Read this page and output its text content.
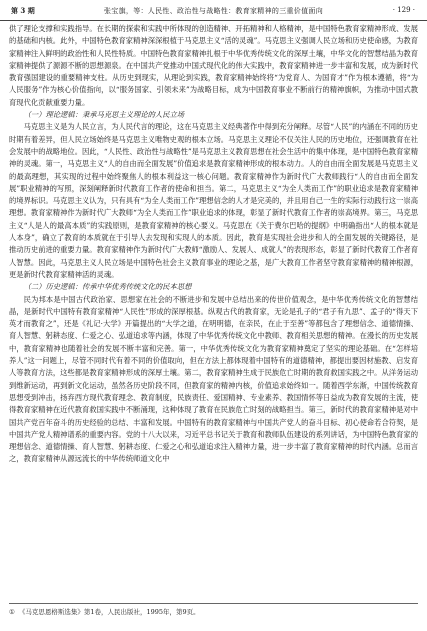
第 3 期	张宝旗，等：人民性、政治性与战略性：教育家精神的三重价值面向	· 129 ·

供了理论支撑和实践指导。在长期的探索和实践中所体现的创造精神、开拓精神和人格精神，是中国特色教育家精神形成、发展的基础和内核。此外，中国特色教育家精神深深根植于马克思主义“活的灵魂”。马克思主义强调人民立场和历史使命感，为教育家精神注入鲜明的政治性和人民性特质。中国特色教育家精神扎根于中华优秀传统文化的深厚土壤，中华文化的智慧结晶为教育家精神提供了源源不断的思想源泉。在中国共产党推动中国式现代化的伟大实践中，教育家精神进一步丰富和发展，成为新时代教育强国建设的重要精神支柱。从历史到现实，从理论到实践，教育家精神始终将“为党育人、为国育才”作为根本遵循，将“为人民服务”作为核心价值指向，以“服务国家、引领未来”为战略目标，成为中国教育事业不断前行的精神旗帜，为推动中国式教育现代化贡献重要力量。

（一）理论逻辑：秉承马克思主义理论的人民立场

马克思主义是为人民立言，为人民代言的理论，这在马克思主义经典著作中得到充分阐释。尽管“人民”的内涵在不同的历史时期有着差异，但人民立场始终是马克思主义唯物史观的根本立场。马克思主义理论不仅关注人民的历史地位，还强调教育在社会发展中的战略地位。因此，“人民性、政治性与战略性”是马克思主义教育思想在社会生活中的集中体现，是中国特色教育家精神的灵魂。第一，马克思主义“人的自由而全面发展”价值追求是教育家精神形成的根本动力。人的自由而全面发展是马克思主义的最高理想，其实现的过程中始终聚焦人的根本利益这一核心问题。教育家精神作为新时代广大教师践行“人的自由而全面发展”职业精神的写照，深刻阐释新时代教育工作者的使命和担当。第二，马克思主义“为全人类而工作”的职业追求是教育家精神的境界标识。马克思主义认为，只有具有“为全人类而工作”理想信念的人才是完美的，并且用自己一生的实际行动践行这一崇高理想。教育家精神作为新时代广大教师“为全人类而工作”职业追求的体现，彰显了新时代教育工作者的崇高境界。第三，马克思主义“人是人的最高本质”的实践原则，是教育家精神的核心要义。马克思在《关于费尔巴哈的提纲》中明确指出“人的根本就是人本身”，确立了教育的本质就在于引导人去发现和实现人的本质。因此，教育是实现社会进步和人的全面发展的关键路径，是推动历史前进的重要力量。教育家精神作为新时代广大教师“激励人、发展人、成就人”的表现形态，彰显了新时代教育工作者育人智慧。因此，马克思主义人民立场是中国特色社会主义教育事业的理论之基，是广大教育工作者坚守教育家精神的精神根源，更是新时代教育家精神活的灵魂。

（二）历史逻辑：传承中华优秀传统文化的民本思想

民为邦本是中国古代政治家、思想家在社会的不断进步和发展中总结出来的传世价值观念，是中华优秀传统文化的智慧结晶，是新时代中国特有教育家精神“人民性”形成的深厚根基。纵观古代的教育家，无论是孔子的“君子有九思”、孟子的“得天下英才而教育之”，还是《礼记·大学》开篇提出的“大学之道，在明明德，在亲民，在止于至善”等都包含了理想信念、道德情操、育人智慧、躬耕态度、仁爱之心、弘道追求等内涵，体现了中华优秀传统文化中教师、教育相关思想的精神。在漫长的历史发展中，教育家精神也随着社会的发展不断丰富和完善。第一，中华优秀传统文化为教育家精神奠定了坚实的理论基础。在“怎样培养人”这一问题上，尽管不同时代有着不同的价值取向，但在方法上都体现着中国特有的道德精神，都提出要因材施教、启发育人等教育方法，这些都是教育家精神形成的深厚土壤。第二，教育家精神生成于民族危亡时期的教育救国实践之中。从洋务运动到维新运动，再到新文化运动，虽然各历史阶段不同，但教育家的精神内核，价值追求始终如一。随着西学东渐，中国传统教育思想受到冲击，扬弃西方现代教育理念、教育制度，民族责任、爱国精神、专业素养、教国情怀等日益成为教育发展的主流，使得教育家精神在近代教育救国实践中不断涌现，这种体现了教育在民族危亡时刻的战略担当。第三，新时代的教育家精神是对中国共产党百年奋斗的历史经验的总结、丰富和发展。中国特有的教育家精神与中国共产党人的奋斗目标、初心使命若合符契，是中国共产党人精神谱系的重要内容。党的十八大以来，习近平总书记关于教育和教师队伍建设的系列讲话，为中国特色教育家的理想信念、道德情操、育人智慧、躬耕态度、仁爱之心和弘道追求注入精神力量，进一步丰富了教育家精神的时代内涵。总而言之，教育家精神从源远流长的中华传统师道文化中

① 《马克思恩格斯选集》第1卷，人民出版社，1995年，第9页。
